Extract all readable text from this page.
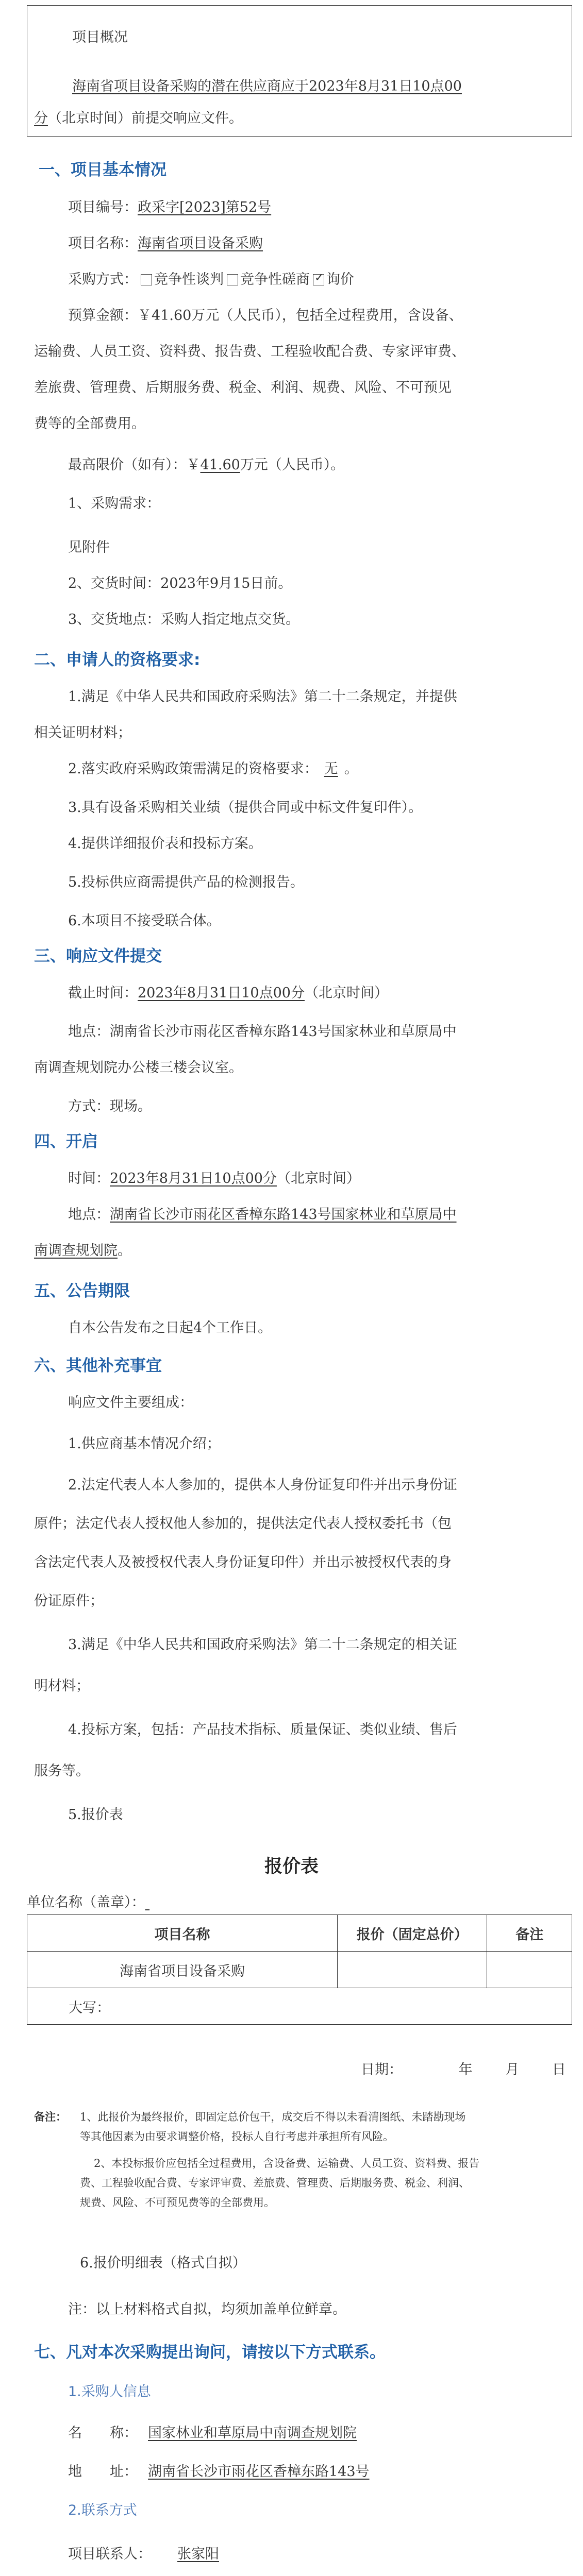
项目概况
海南省项目设备采购的潜在供应商应于2023年8月31日10点00
分（北京时间）前提交响应文件。
一、项目基本情况
项目编号：政采字[2023]第52号
项目名称：海南省项目设备采购
采购方式： 竞争性谈判 竞争性磋商 ✓ 询价
预算金额：￥41.60万元（人民币），包括全过程费用，含设备、
运输费、人员工资、资料费、报告费、工程验收配合费、专家评审费、
差旅费、管理费、后期服务费、税金、利润、规费、风险、不可预见
费等的全部费用。
最高限价（如有）：￥41.60万元（人民币）。
1、采购需求：
见附件
2、交货时间：2023年9月15日前。
3、交货地点：采购人指定地点交货。
二、申请人的资格要求:
1.满足《中华人民共和国政府采购法》第二十二条规定，并提供
相关证明材料；
2.落实政府采购政策需满足的资格要求： 无 。
3.具有设备采购相关业绩（提供合同或中标文件复印件）。
4.提供详细报价表和投标方案。
5.投标供应商需提供产品的检测报告。
6.本项目不接受联合体。
三、响应文件提交
截止时间：2023年8月31日10点00分（北京时间）
地点：湖南省长沙市雨花区香樟东路143号国家林业和草原局中
南调查规划院办公楼三楼会议室。
方式：现场。
四、开启
时间：2023年8月31日10点00分（北京时间）
地点：湖南省长沙市雨花区香樟东路143号国家林业和草原局中
南调查规划院。
五、公告期限
自本公告发布之日起4个工作日。
六、其他补充事宜
响应文件主要组成：
1.供应商基本情况介绍；
2.法定代表人本人参加的，提供本人身份证复印件并出示身份证
原件；法定代表人授权他人参加的，提供法定代表人授权委托书（包
含法定代表人及被授权代表人身份证复印件）并出示被授权代表的身
份证原件；
3.满足《中华人民共和国政府采购法》第二十二条规定的相关证
明材料；
4.投标方案，包括：产品技术指标、质量保证、类似业绩、售后
服务等。
5.报价表
报价表
单位名称（盖章）：
项目名称	报价（固定总价）	备注
海南省项目设备采购		
大写：		
日期：	年 月 日
备注： 1、此报价为最终报价，即固定总价包干，成交后不得以未看清图纸、未踏勘现场
等其他因素为由要求调整价格，投标人自行考虑并承担所有风险。
2、本投标报价应包括全过程费用，含设备费、运输费、人员工资、资料费、报告
费、工程验收配合费、专家评审费、差旅费、管理费、后期服务费、税金、利润、
规费、风险、不可预见费等的全部费用。
6.报价明细表（格式自拟）
注：以上材料格式自拟，均须加盖单位鲜章。
七、凡对本次采购提出询问，请按以下方式联系。
1.采购人信息
名　　称： 国家林业和草原局中南调查规划院
地　　址： 湖南省长沙市雨花区香樟东路143号
2.联系方式
项目联系人： 张家阳
